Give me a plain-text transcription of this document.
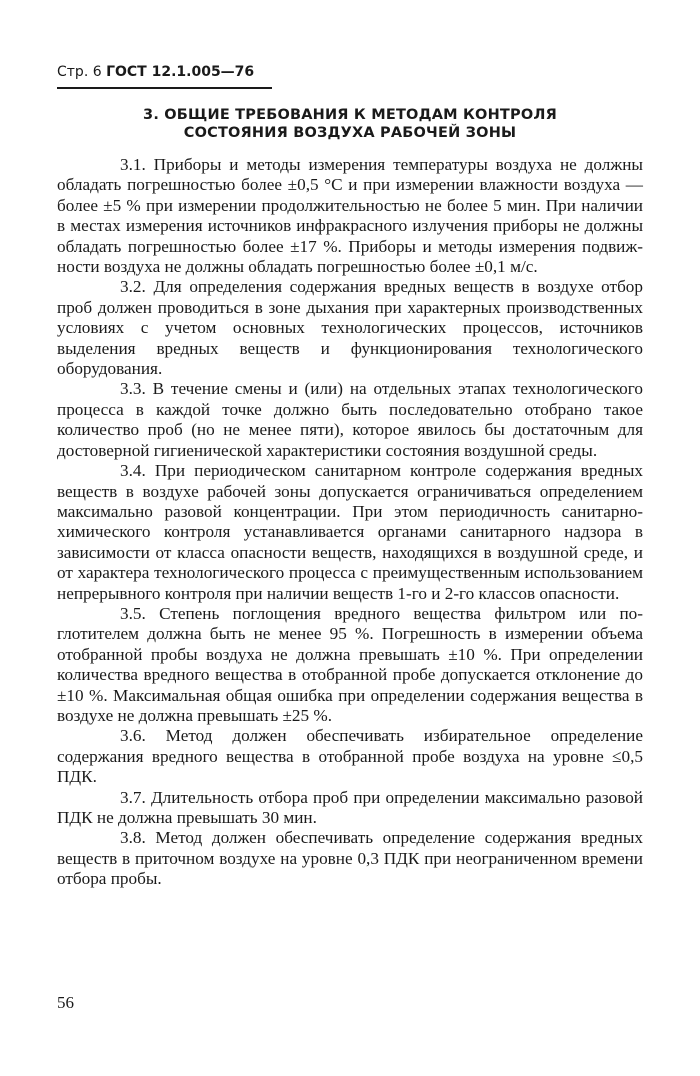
Стр. 6 ГОСТ 12.1.005—76
3. ОБЩИЕ ТРЕБОВАНИЯ К МЕТОДАМ КОНТРОЛЯ
СОСТОЯНИЯ ВОЗДУХА РАБОЧЕЙ ЗОНЫ

3.1. Приборы и методы измерения температуры воздуха не должны обладать погрешностью более ±0,5 °С и при измерении влажности воздуха — более ±5 % при измерении продолжительностью не более 5 мин. При наличии в местах измерения источников инфракрасного излучения приборы не должны обладать погрешностью более ±17 %. Приборы и методы измерения подвижности воздуха не должны обладать погрешностью более ±0,1 м/с.

3.2. Для определения содержания вредных веществ в воздухе отбор проб должен проводиться в зоне дыхания при характерных производственных условиях с учетом основных технологических процессов, источников выделения вредных веществ и функционирования технологического оборудования.

3.3. В течение смены и (или) на отдельных этапах технологического процесса в каждой точке должно быть последовательно отобрано такое количество проб (но не менее пяти), которое явилось бы достаточным для достоверной гигиенической характеристики состояния воздушной среды.

3.4. При периодическом санитарном контроле содержания вредных веществ в воздухе рабочей зоны допускается ограничиваться определением максимально разовой концентрации. При этом периодичность санитарно-химического контроля устанавливается органами санитарного надзора в зависимости от класса опасности веществ, находящихся в воздушной среде, и от характера технологического процесса с преимущественным использованием непрерывного контроля при наличии веществ 1-го и 2-го классов опасности.

3.5. Степень поглощения вредного вещества фильтром или поглотителем должна быть не менее 95 %. Погрешность в измерении объема отобранной пробы воздуха не должна превышать ±10 %. При определении количества вредного вещества в отобранной пробе допускается отклонение до ±10 %. Максимальная общая ошибка при определении содержания вещества в воздухе не должна превышать ±25 %.

3.6. Метод должен обеспечивать избирательное определение содержания вредного вещества в отобранной пробе воздуха на уровне ≤0,5 ПДК.

3.7. Длительность отбора проб при определении максимально разовой ПДК не должна превышать 30 мин.

3.8. Метод должен обеспечивать определение содержания вредных веществ в приточном воздухе на уровне 0,3 ПДК при неограниченном времени отбора пробы.

56
